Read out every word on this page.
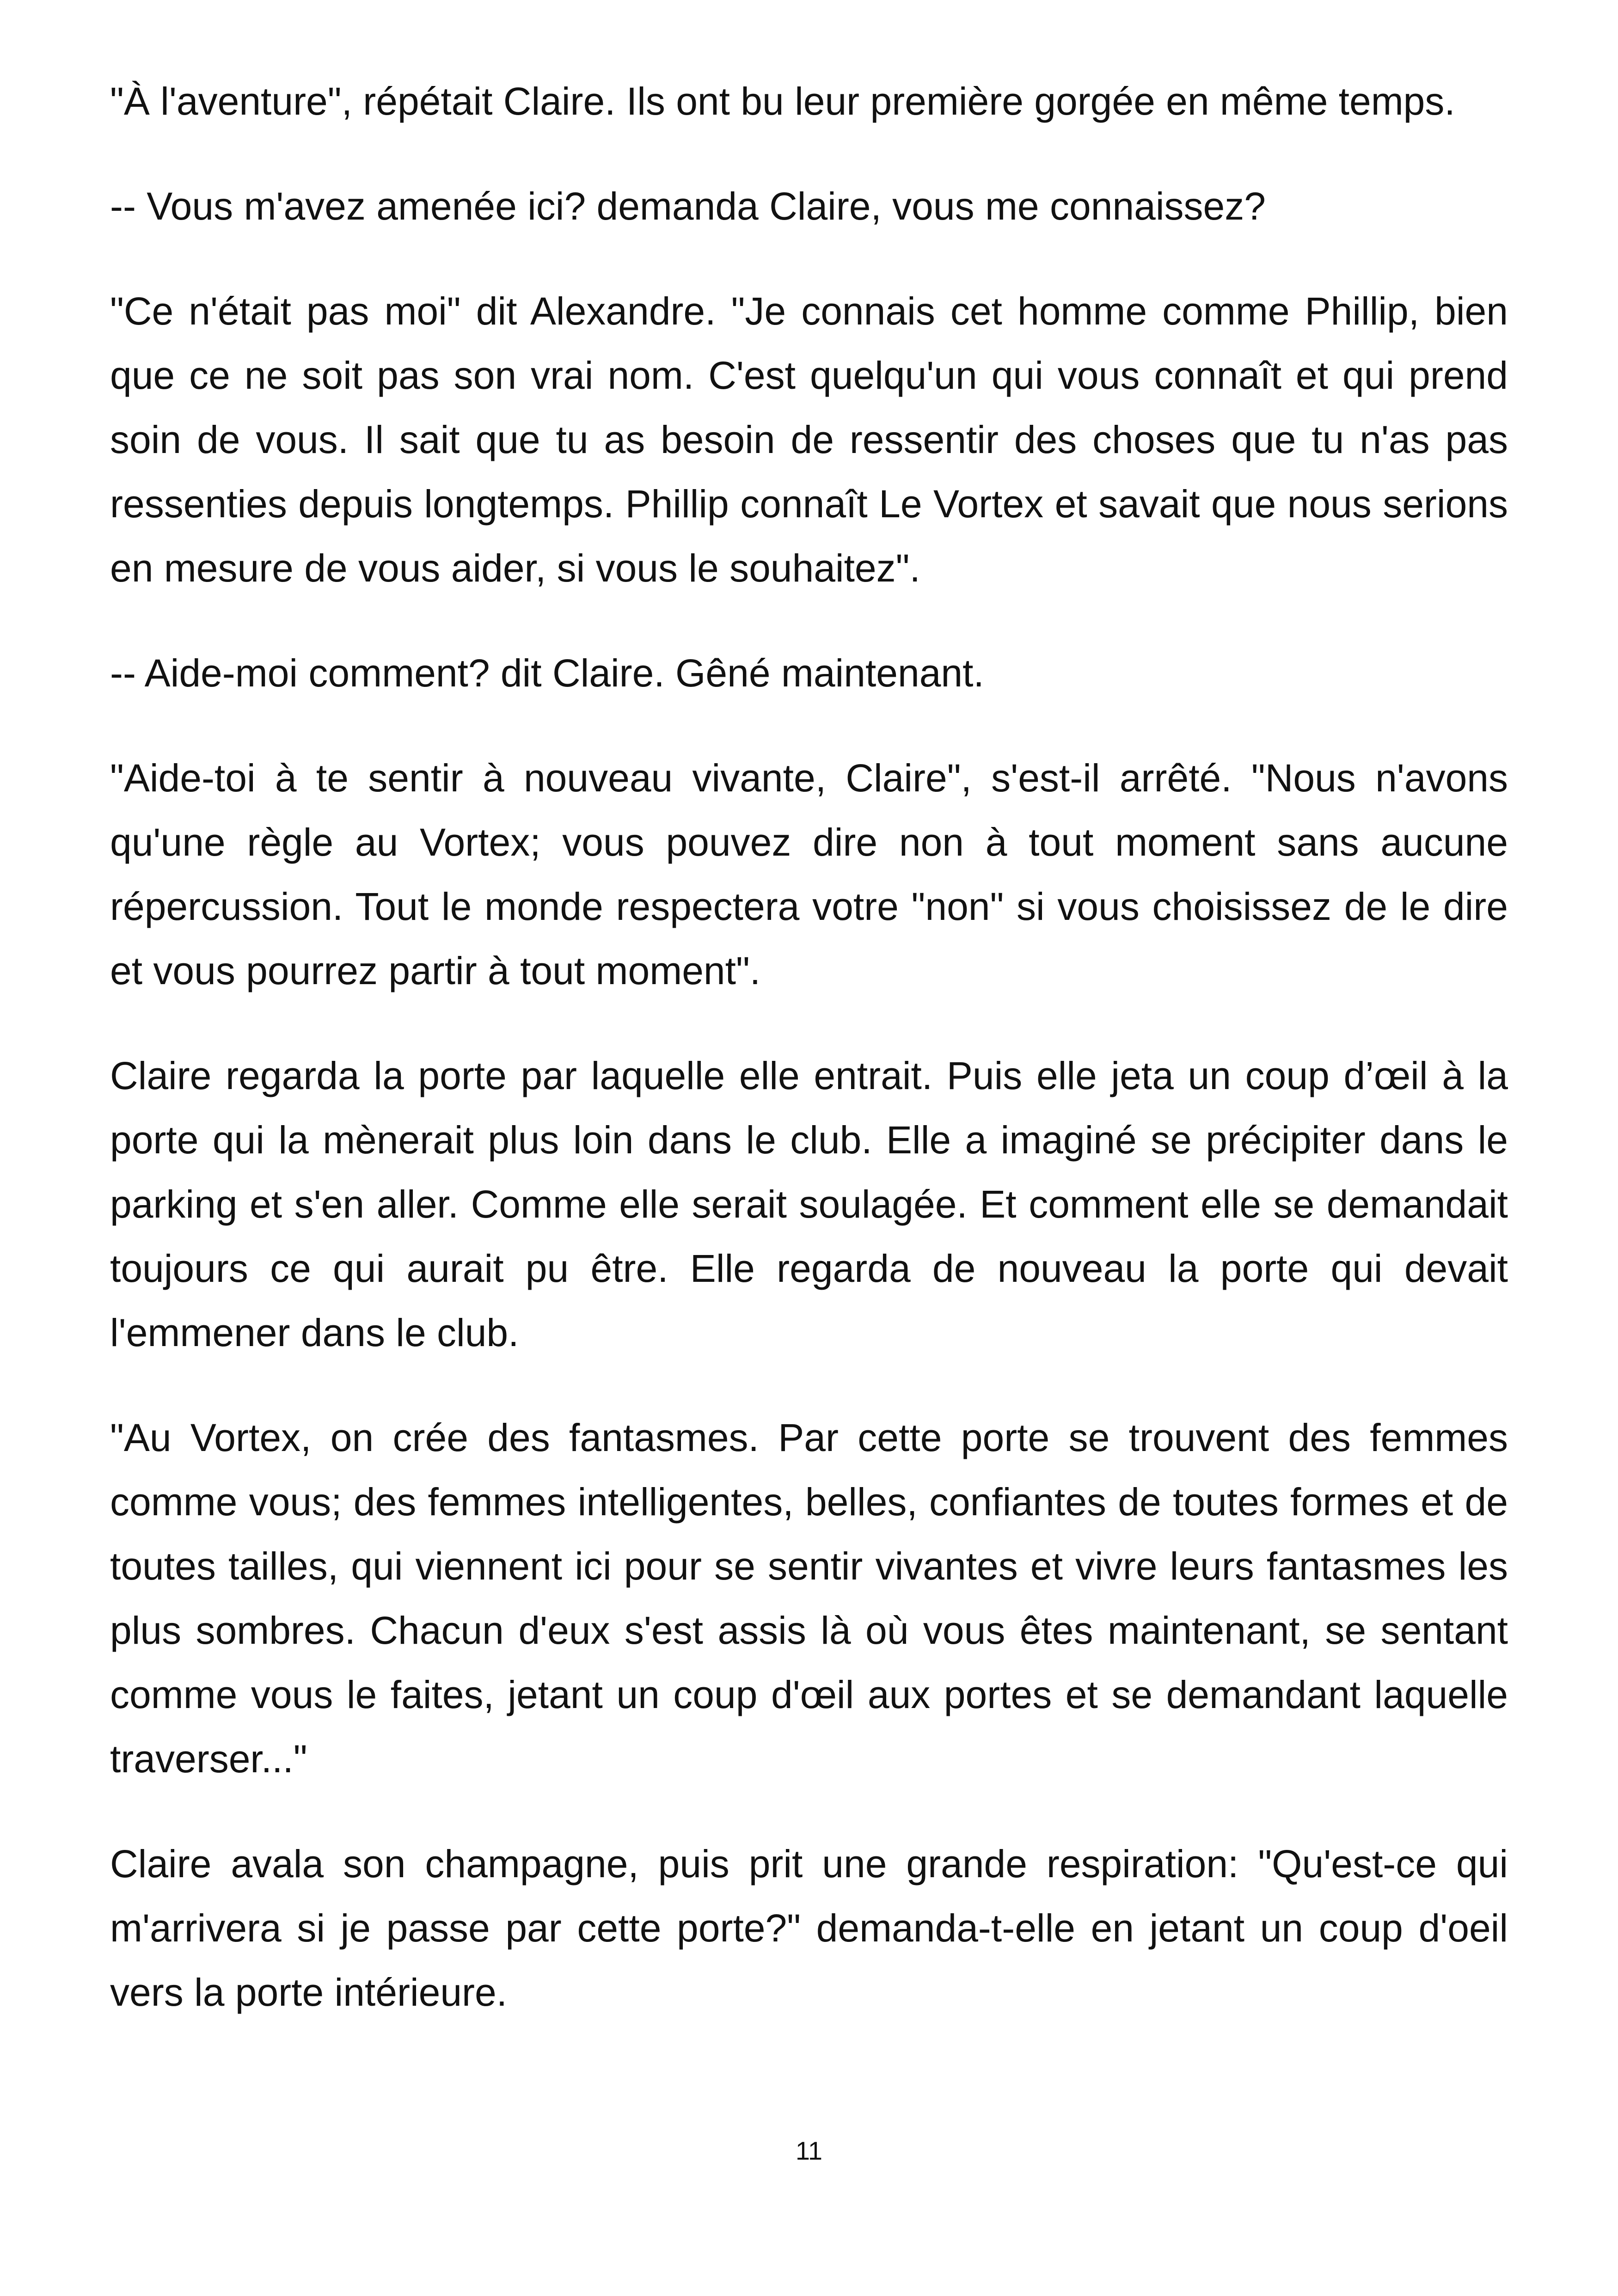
"À l'aventure", répétait Claire. Ils ont bu leur première gorgée en même temps.

-- Vous m'avez amenée ici? demanda Claire, vous me connaissez?

"Ce n'était pas moi" dit Alexandre. "Je connais cet homme comme Phillip, bien que ce ne soit pas son vrai nom. C'est quelqu'un qui vous connaît et qui prend soin de vous. Il sait que tu as besoin de ressentir des choses que tu n'as pas ressenties depuis longtemps. Phillip connaît Le Vortex et savait que nous serions en mesure de vous aider, si vous le souhaitez".

-- Aide-moi comment? dit Claire. Gêné maintenant.

"Aide-toi à te sentir à nouveau vivante, Claire", s'est-il arrêté. "Nous n'avons qu'une règle au Vortex; vous pouvez dire non à tout moment sans aucune répercussion. Tout le monde respectera votre "non" si vous choisissez de le dire et vous pourrez partir à tout moment".

Claire regarda la porte par laquelle elle entrait. Puis elle jeta un coup d’œil à la porte qui la mènerait plus loin dans le club. Elle a imaginé se précipiter dans le parking et s'en aller. Comme elle serait soulagée. Et comment elle se demandait toujours ce qui aurait pu être. Elle regarda de nouveau la porte qui devait l'emmener dans le club.

"Au Vortex, on crée des fantasmes. Par cette porte se trouvent des femmes comme vous; des femmes intelligentes, belles, confiantes de toutes formes et de toutes tailles, qui viennent ici pour se sentir vivantes et vivre leurs fantasmes les plus sombres. Chacun d'eux s'est assis là où vous êtes maintenant, se sentant comme vous le faites, jetant un coup d'œil aux portes et se demandant laquelle traverser..."

Claire avala son champagne, puis prit une grande respiration: "Qu'est-ce qui m'arrivera si je passe par cette porte?" demanda-t-elle en jetant un coup d'oeil vers la porte intérieure.

11
